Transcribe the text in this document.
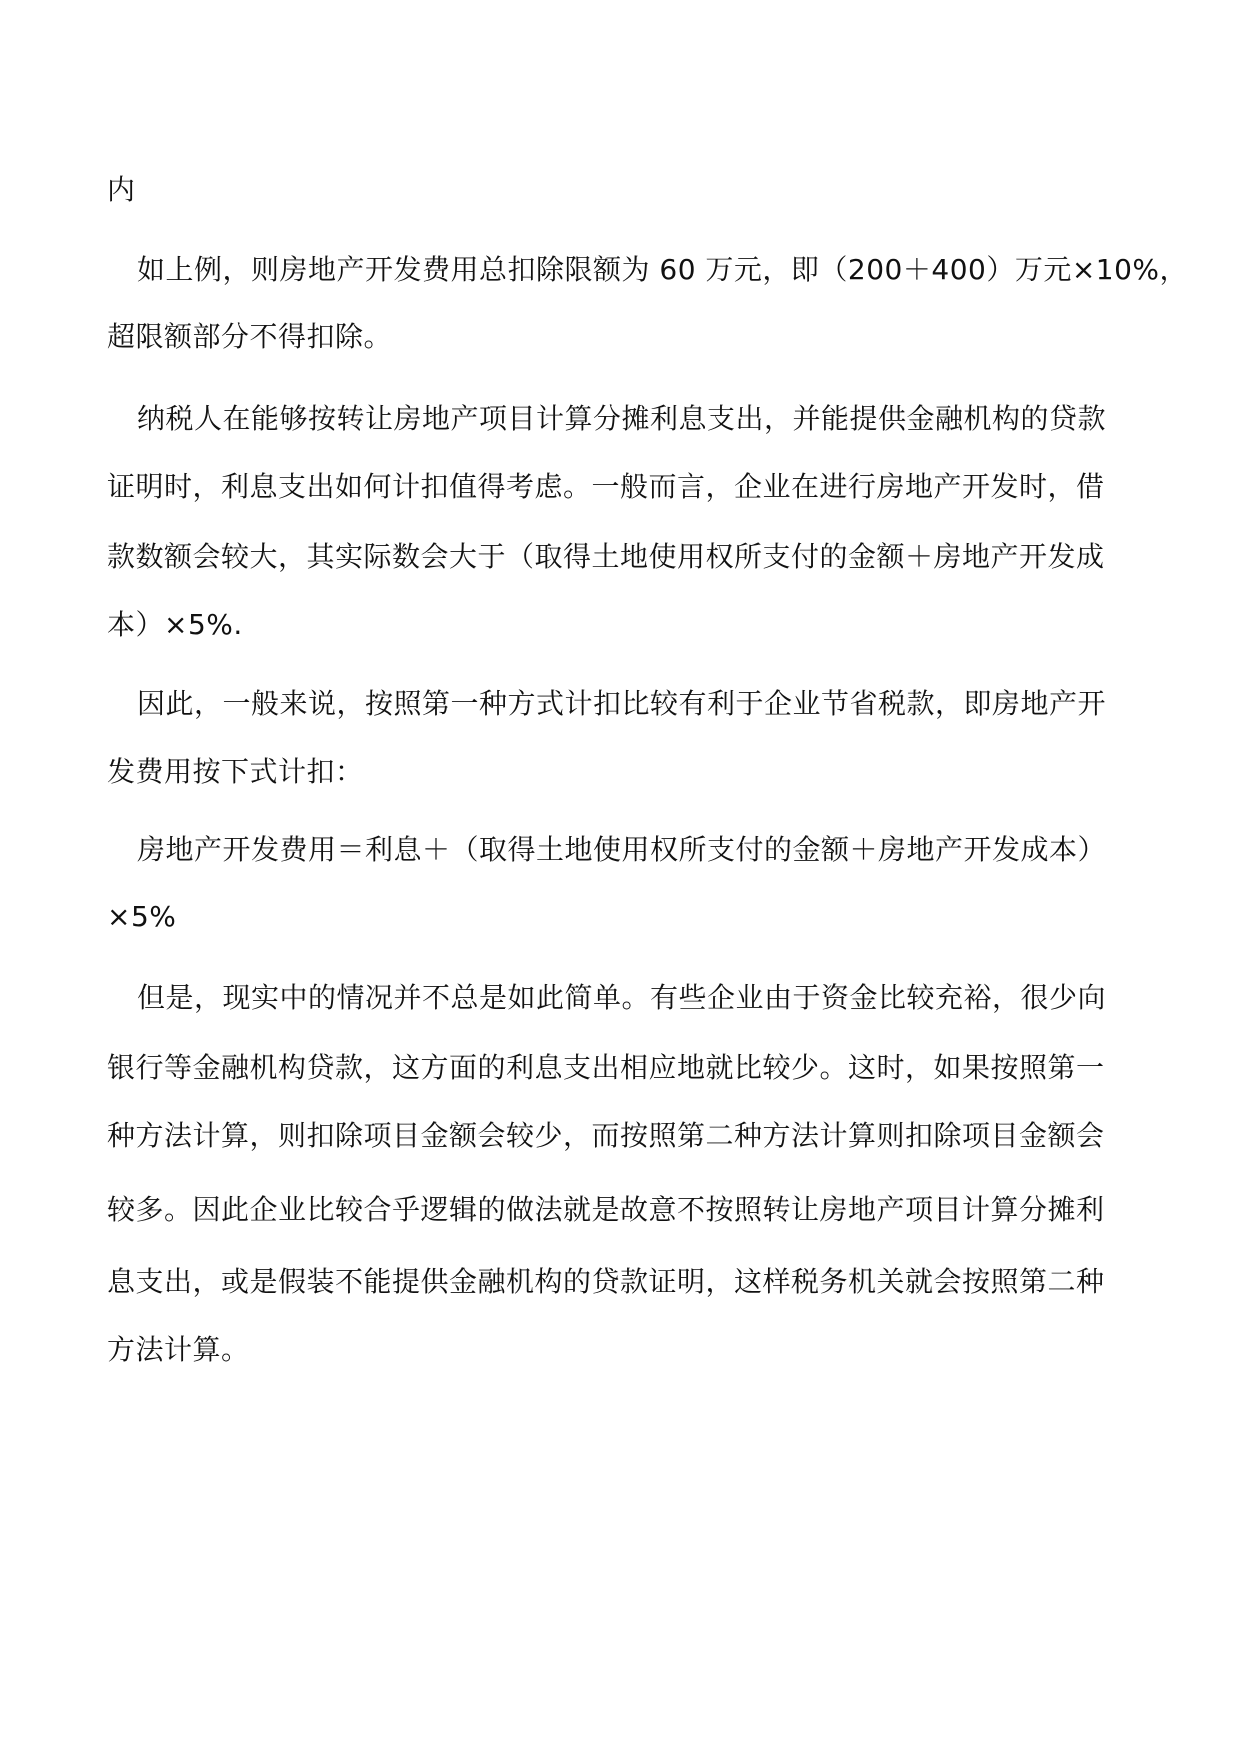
内
如上例，则房地产开发费用总扣除限额为 60 万元，即（200＋400）万元×10%，
超限额部分不得扣除。
纳税人在能够按转让房地产项目计算分摊利息支出，并能提供金融机构的贷款
证明时，利息支出如何计扣值得考虑。一般而言，企业在进行房地产开发时，借
款数额会较大，其实际数会大于（取得土地使用权所支付的金额＋房地产开发成
本）×5%.
因此，一般来说，按照第一种方式计扣比较有利于企业节省税款，即房地产开
发费用按下式计扣：
房地产开发费用＝利息＋（取得土地使用权所支付的金额＋房地产开发成本）
×5%
但是，现实中的情况并不总是如此简单。有些企业由于资金比较充裕，很少向
银行等金融机构贷款，这方面的利息支出相应地就比较少。这时，如果按照第一
种方法计算，则扣除项目金额会较少，而按照第二种方法计算则扣除项目金额会
较多。因此企业比较合乎逻辑的做法就是故意不按照转让房地产项目计算分摊利
息支出，或是假装不能提供金融机构的贷款证明，这样税务机关就会按照第二种
方法计算。
